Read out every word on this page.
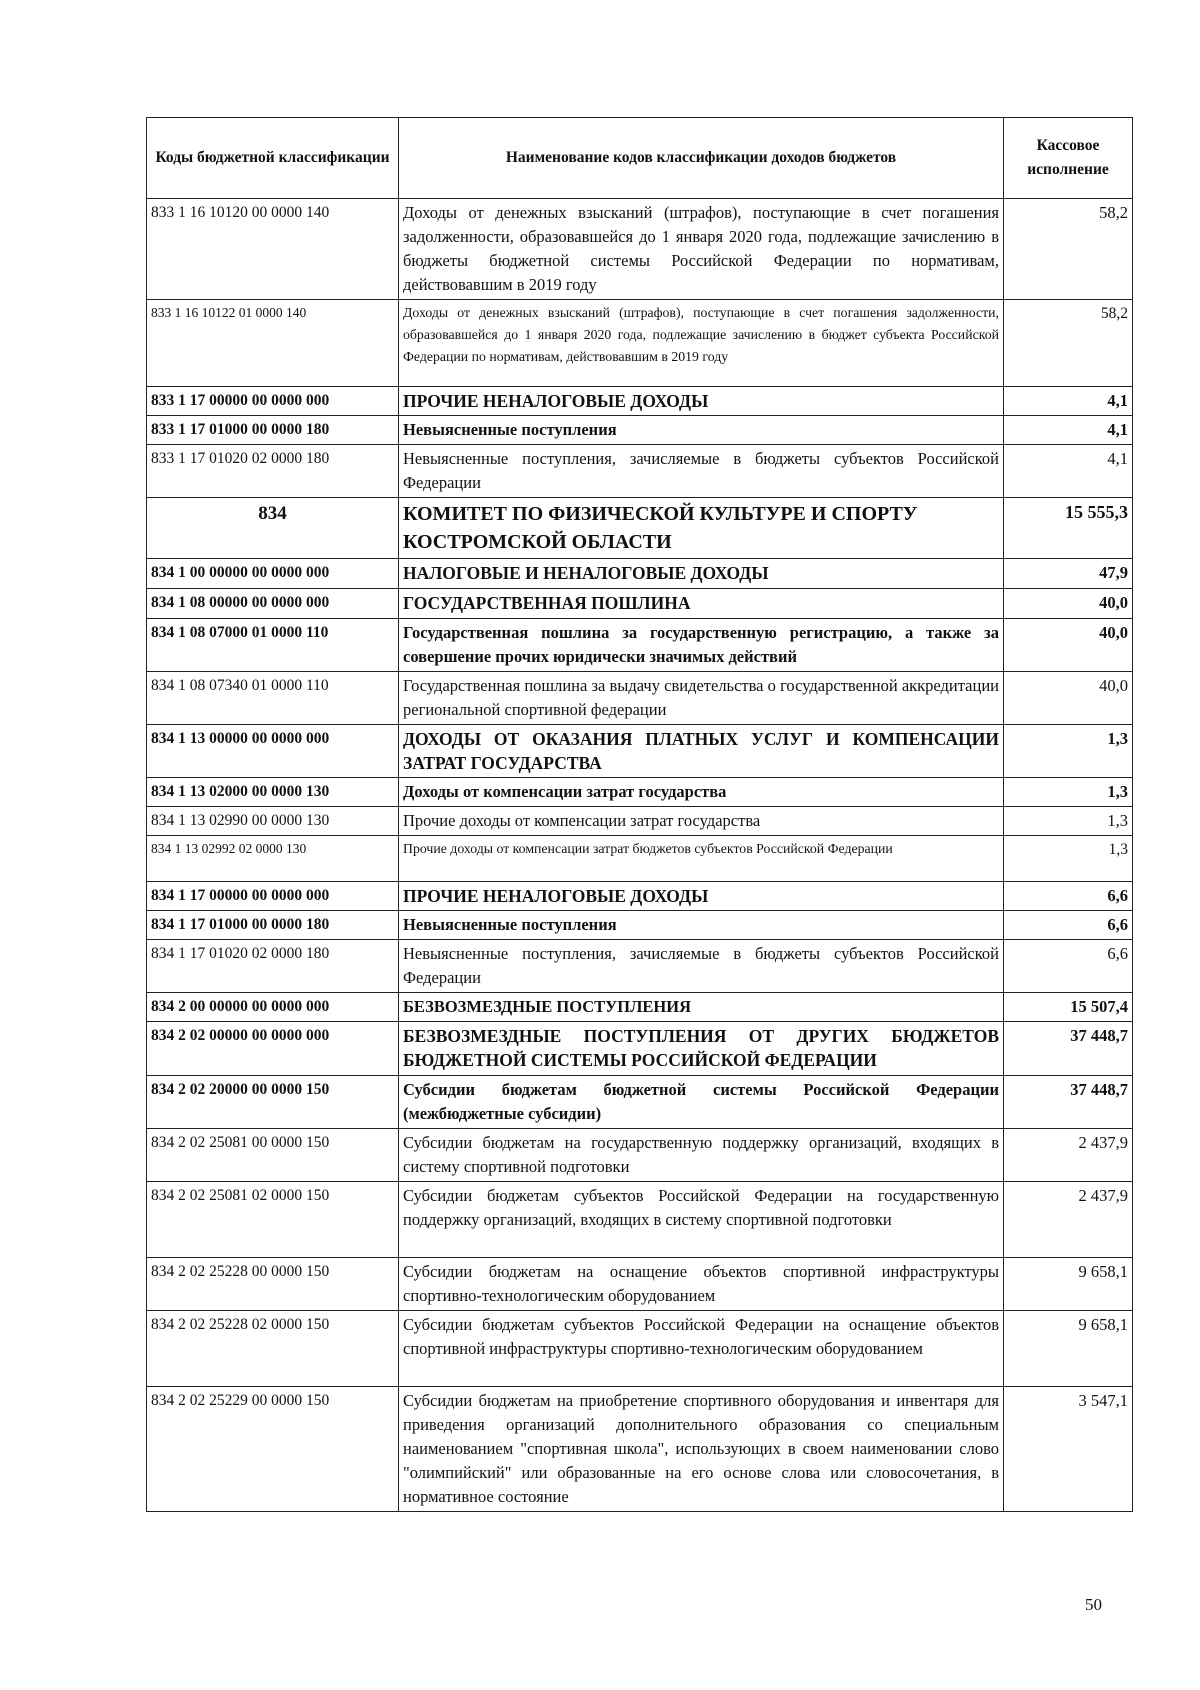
Коды бюджетной классификации	Наименование кодов классификации доходов бюджетов	Кассовое исполнение
833 1 16 10120 00 0000 140	Доходы от денежных взысканий (штрафов), поступающие в счет погашения задолженности, образовавшейся до 1 января 2020 года, подлежащие зачислению в бюджеты бюджетной системы Российской Федерации по нормативам, действовавшим в 2019 году	58,2
833 1 16 10122 01 0000 140	Доходы от денежных взысканий (штрафов), поступающие в счет погашения задолженности, образовавшейся до 1 января 2020 года, подлежащие зачислению в бюджет субъекта Российской Федерации по нормативам, действовавшим в 2019 году	58,2
833 1 17 00000 00 0000 000	ПРОЧИЕ НЕНАЛОГОВЫЕ ДОХОДЫ	4,1
833 1 17 01000 00 0000 180	Невыясненные поступления	4,1
833 1 17 01020 02 0000 180	Невыясненные поступления, зачисляемые в бюджеты субъектов Российской Федерации	4,1
834	КОМИТЕТ ПО ФИЗИЧЕСКОЙ КУЛЬТУРЕ И СПОРТУ КОСТРОМСКОЙ ОБЛАСТИ	15 555,3
834 1 00 00000 00 0000 000	НАЛОГОВЫЕ И НЕНАЛОГОВЫЕ ДОХОДЫ	47,9
834 1 08 00000 00 0000 000	ГОСУДАРСТВЕННАЯ ПОШЛИНА	40,0
834 1 08 07000 01 0000 110	Государственная пошлина за государственную регистрацию, а также за совершение прочих юридически значимых действий	40,0
834 1 08 07340 01 0000 110	Государственная пошлина за выдачу свидетельства о государственной аккредитации региональной спортивной федерации	40,0
834 1 13 00000 00 0000 000	ДОХОДЫ ОТ ОКАЗАНИЯ ПЛАТНЫХ УСЛУГ И КОМПЕНСАЦИИ ЗАТРАТ ГОСУДАРСТВА	1,3
834 1 13 02000 00 0000 130	Доходы от компенсации затрат государства	1,3
834 1 13 02990 00 0000 130	Прочие доходы от компенсации затрат государства	1,3
834 1 13 02992 02 0000 130	Прочие доходы от компенсации затрат бюджетов субъектов Российской Федерации	1,3
834 1 17 00000 00 0000 000	ПРОЧИЕ НЕНАЛОГОВЫЕ ДОХОДЫ	6,6
834 1 17 01000 00 0000 180	Невыясненные поступления	6,6
834 1 17 01020 02 0000 180	Невыясненные поступления, зачисляемые в бюджеты субъектов Российской Федерации	6,6
834 2 00 00000 00 0000 000	БЕЗВОЗМЕЗДНЫЕ ПОСТУПЛЕНИЯ	15 507,4
834 2 02 00000 00 0000 000	БЕЗВОЗМЕЗДНЫЕ ПОСТУПЛЕНИЯ ОТ ДРУГИХ БЮДЖЕТОВ БЮДЖЕТНОЙ СИСТЕМЫ РОССИЙСКОЙ ФЕДЕРАЦИИ	37 448,7
834 2 02 20000 00 0000 150	Субсидии бюджетам бюджетной системы Российской Федерации (межбюджетные субсидии)	37 448,7
834 2 02 25081 00 0000 150	Субсидии бюджетам на государственную поддержку организаций, входящих в систему спортивной подготовки	2 437,9
834 2 02 25081 02 0000 150	Субсидии бюджетам субъектов Российской Федерации на государственную поддержку организаций, входящих в систему спортивной подготовки	2 437,9
834 2 02 25228 00 0000 150	Субсидии бюджетам на оснащение объектов спортивной инфраструктуры спортивно-технологическим оборудованием	9 658,1
834 2 02 25228 02 0000 150	Субсидии бюджетам субъектов Российской Федерации на оснащение объектов спортивной инфраструктуры спортивно-технологическим оборудованием	9 658,1
834 2 02 25229 00 0000 150	Субсидии бюджетам на приобретение спортивного оборудования и инвентаря для приведения организаций дополнительного образования со специальным наименованием "спортивная школа", использующих в своем наименовании слово "олимпийский" или образованные на его основе слова или словосочетания, в нормативное состояние	3 547,1
50
